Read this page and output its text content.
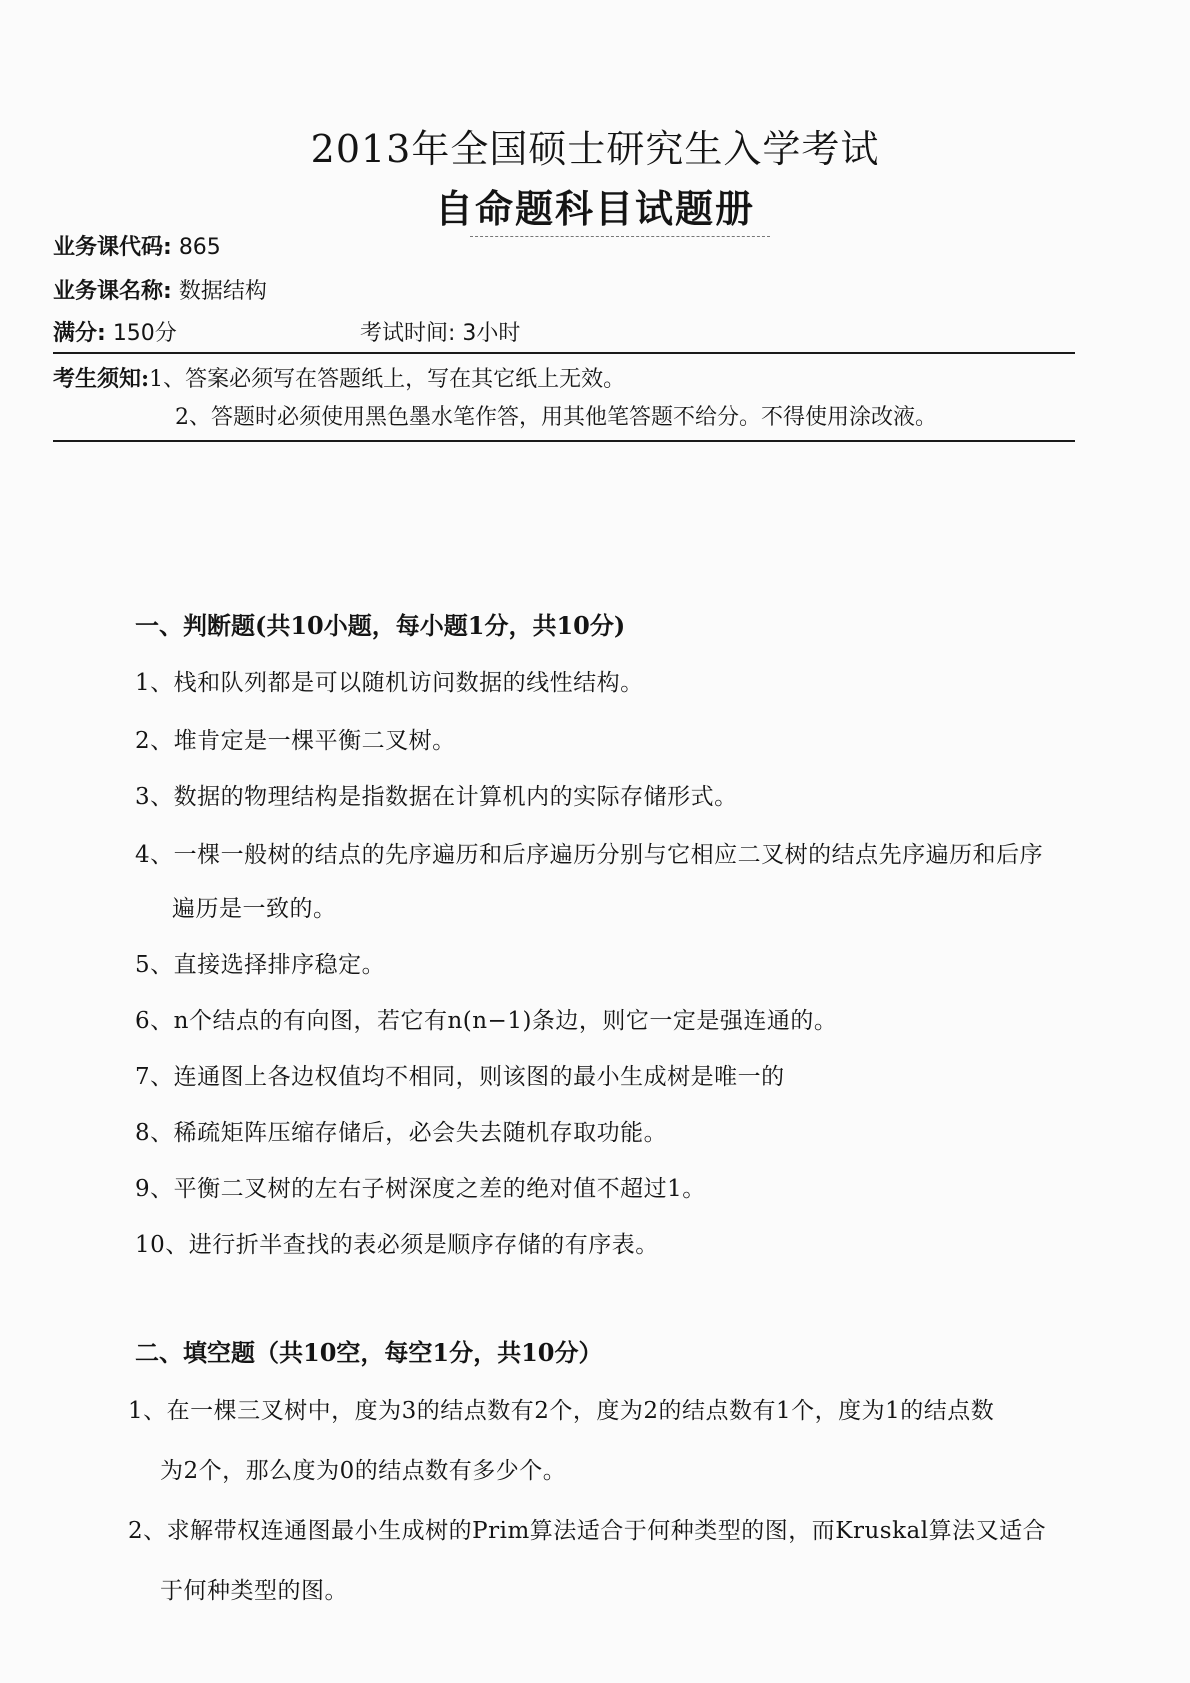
2013年全国硕士研究生入学考试
自命题科目试题册
业务课代码: 865
业务课名称: 数据结构
满分: 150分	考试时间: 3小时
考生须知:1、答案必须写在答题纸上，写在其它纸上无效。
2、答题时必须使用黑色墨水笔作答，用其他笔答题不给分。不得使用涂改液。
一、判断题(共10小题，每小题1分，共10分)
1、栈和队列都是可以随机访问数据的线性结构。
2、堆肯定是一棵平衡二叉树。
3、数据的物理结构是指数据在计算机内的实际存储形式。
4、一棵一般树的结点的先序遍历和后序遍历分别与它相应二叉树的结点先序遍历和后序
遍历是一致的。
5、直接选择排序稳定。
6、n个结点的有向图，若它有n(n−1)条边，则它一定是强连通的。
7、连通图上各边权值均不相同，则该图的最小生成树是唯一的
8、稀疏矩阵压缩存储后，必会失去随机存取功能。
9、平衡二叉树的左右子树深度之差的绝对值不超过1。
10、进行折半查找的表必须是顺序存储的有序表。
二、填空题（共10空，每空1分，共10分）
1、在一棵三叉树中，度为3的结点数有2个，度为2的结点数有1个，度为1的结点数
为2个，那么度为0的结点数有多少个。
2、求解带权连通图最小生成树的Prim算法适合于何种类型的图，而Kruskal算法又适合
于何种类型的图。
